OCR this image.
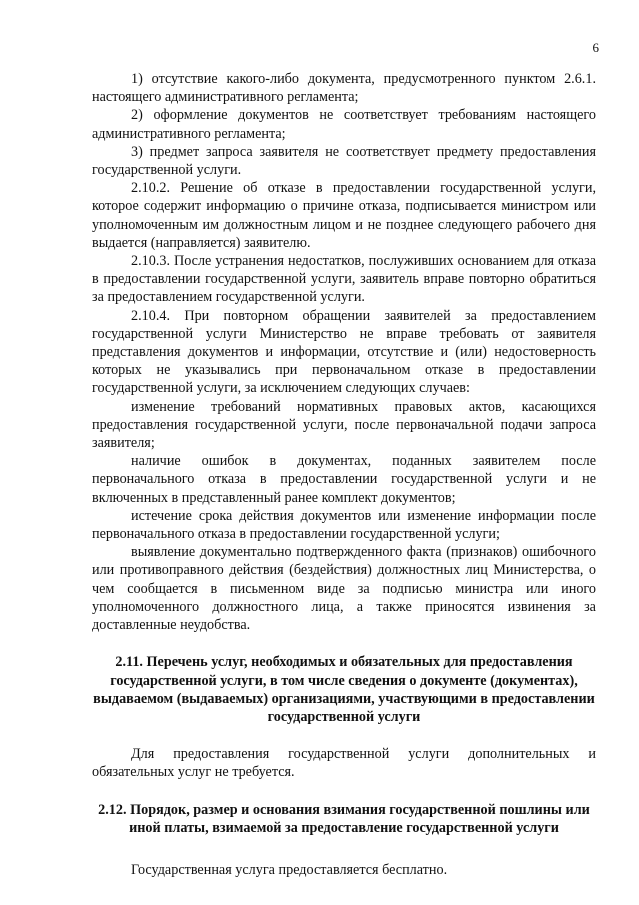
6

1) отсутствие какого-либо документа, предусмотренного пунктом 2.6.1. настоящего административного регламента;

2) оформление документов не соответствует требованиям настоящего административного регламента;

3) предмет запроса заявителя не соответствует предмету предоставления государственной услуги.

2.10.2. Решение об отказе в предоставлении государственной услуги, которое содержит информацию о причине отказа, подписывается министром или уполномоченным им должностным лицом и не позднее следующего рабочего дня выдается (направляется) заявителю.

2.10.3. После устранения недостатков, послуживших основанием для отказа в предоставлении государственной услуги, заявитель вправе повторно обратиться за предоставлением государственной услуги.

2.10.4. При повторном обращении заявителей за предоставлением государственной услуги Министерство не вправе требовать от заявителя представления документов и информации, отсутствие и (или) недостоверность которых не указывались при первоначальном отказе в предоставлении государственной услуги, за исключением следующих случаев:

изменение требований нормативных правовых актов, касающихся предоставления государственной услуги, после первоначальной подачи запроса заявителя;

наличие ошибок в документах, поданных заявителем после первоначального отказа в предоставлении государственной услуги и не включенных в представленный ранее комплект документов;

истечение срока действия документов или изменение информации после первоначального отказа в предоставлении государственной услуги;

выявление документально подтвержденного факта (признаков) ошибочного или противоправного действия (бездействия) должностных лиц Министерства, о чем сообщается в письменном виде за подписью министра или иного уполномоченного должностного лица, а также приносятся извинения за доставленные неудобства.

2.11. Перечень услуг, необходимых и обязательных для предоставления государственной услуги, в том числе сведения о документе (документах), выдаваемом (выдаваемых) организациями, участвующими в предоставлении государственной услуги

Для предоставления государственной услуги дополнительных и обязательных услуг не требуется.

2.12. Порядок, размер и основания взимания государственной пошлины или иной платы, взимаемой за предоставление государственной услуги

Государственная услуга предоставляется бесплатно.
